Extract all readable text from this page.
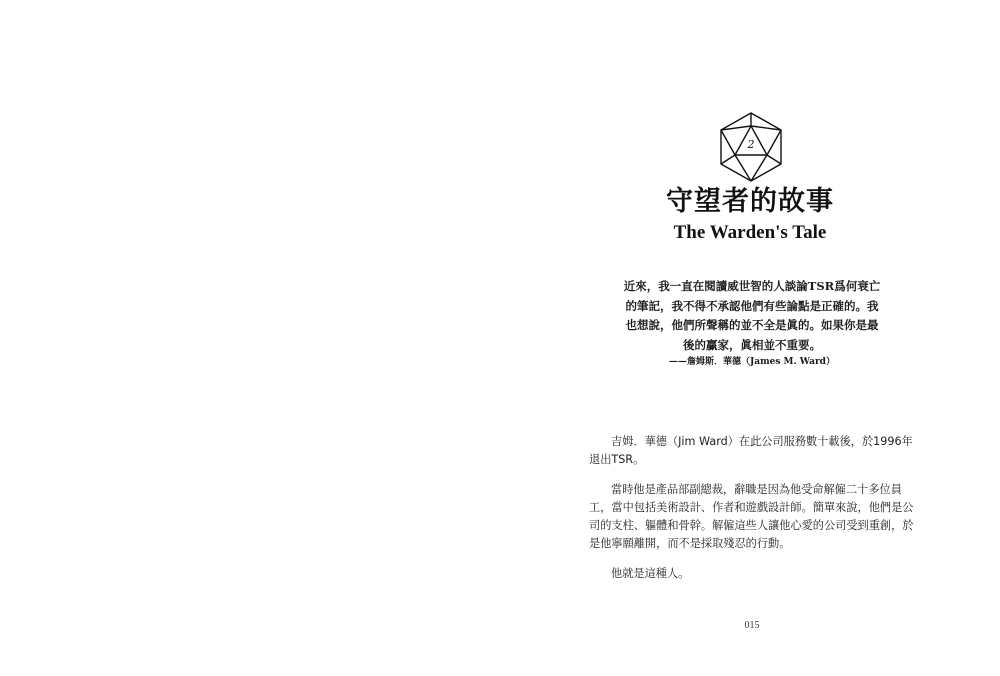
2
守望者的故事
The Warden's Tale
近來，我一直在閱讀威世智的人談論TSR爲何衰亡的筆記，我不得不承認他們有些論點是正確的。我也想說，他們所聲稱的並不全是眞的。如果你是最後的贏家，眞相並不重要。
——詹姆斯．華德（James M. Ward）

吉姆．華德（Jim Ward）在此公司服務數十載後，於1996年退出TSR。

當時他是產品部副總裁，辭職是因為他受命解僱二十多位員工，當中包括美術設計、作者和遊戲設計師。簡單來說，他們是公司的支柱、軀體和骨幹。解僱這些人讓他心愛的公司受到重創，於是他寧願離開，而不是採取殘忍的行動。

他就是這種人。

015
